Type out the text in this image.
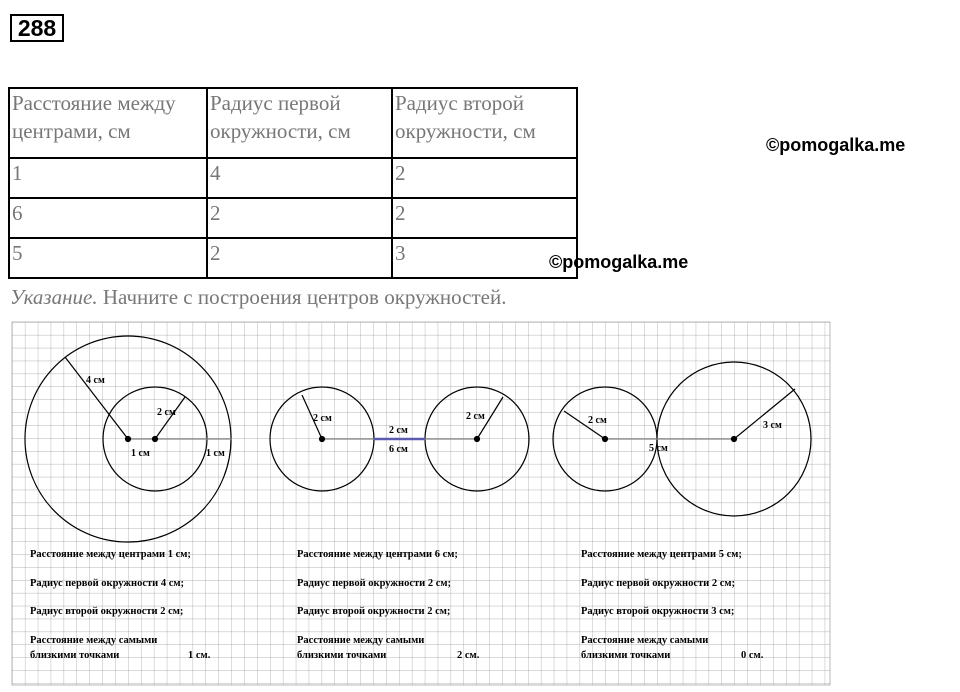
288
Расстояние между
центрами, см	Радиус первой
окружности, см	Радиус второй
окружности, см
1	4	2
6	2	2
5	2	3
©pomogalka.me
©pomogalka.me
Указание. Начните с построения центров окружностей.
4 см
2 см
1 см	1 см
2 см
2 см
2 см
6 см
2 см
5 см
3 см
Расстояние между центрами 1 см;
Радиус первой окружности 4 см;
Радиус второй окружности 2 см;
Расстояние между самыми
близкими точками	1 см.
Расстояние между центрами 6 см;
Радиус первой окружности 2 см;
Радиус второй окружности 2 см;
Расстояние между самыми
близкими точками	2 см.
Расстояние между центрами 5 см;
Радиус первой окружности 2 см;
Радиус второй окружности 3 см;
Расстояние между самыми
близкими точками	0 см.
